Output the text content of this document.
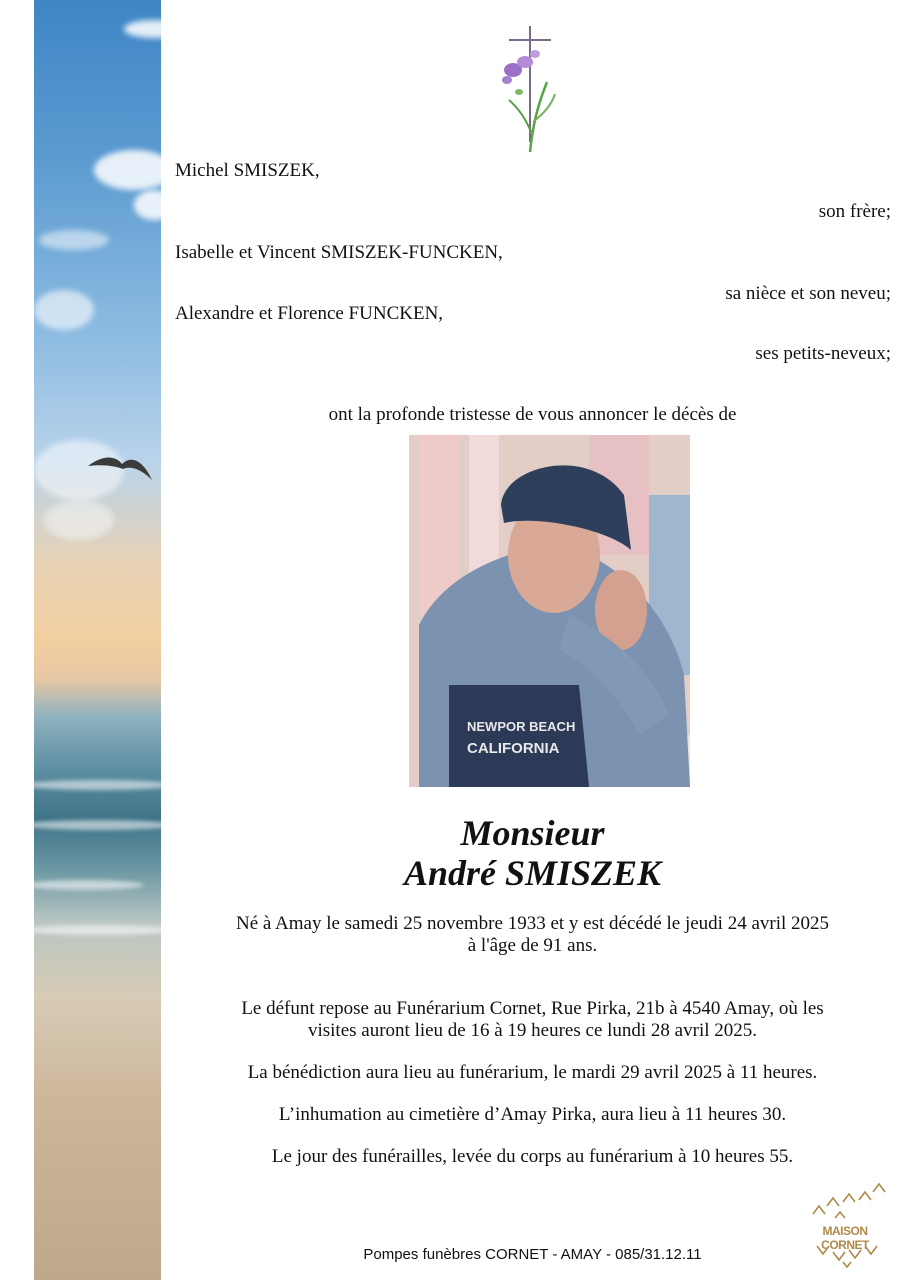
Michel SMISZEK,
son frère;
Isabelle et Vincent SMISZEK-FUNCKEN,
sa nièce et son neveu;
Alexandre et Florence FUNCKEN,
ses petits-neveux;
ont la profonde tristesse de vous annoncer le décès de
NEWPOR BEACH
CALIFORNIA
Monsieur
André SMISZEK
Né à Amay le samedi 25 novembre 1933 et y est décédé le jeudi 24 avril 2025
à l'âge de 91 ans.
Le défunt repose au Funérarium Cornet, Rue Pirka, 21b à 4540 Amay, où les
visites auront lieu de 16 à 19 heures ce lundi 28 avril 2025.
La bénédiction aura lieu au funérarium, le mardi 29 avril 2025 à 11 heures.
L’inhumation au cimetière d’Amay Pirka, aura lieu à 11 heures 30.
Le jour des funérailles, levée du corps au funérarium à 10 heures 55.
MAISON CORNET
Pompes funèbres CORNET - AMAY - 085/31.12.11
